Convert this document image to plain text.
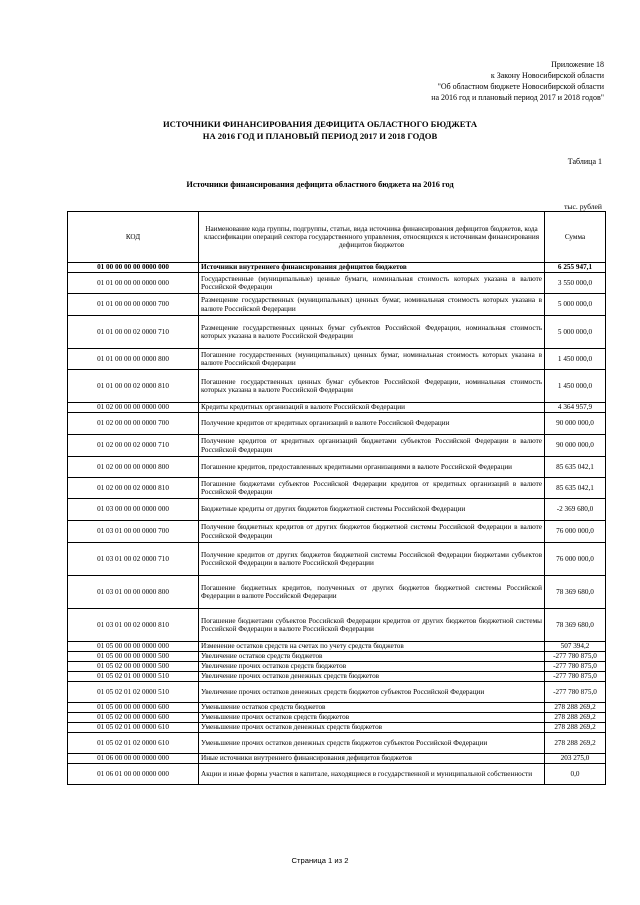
Приложение 18
к Закону Новосибирской области
"Об областном бюджете Новосибирской области
на 2016 год и плановый период 2017 и 2018 годов"
ИСТОЧНИКИ ФИНАНСИРОВАНИЯ ДЕФИЦИТА ОБЛАСТНОГО БЮДЖЕТА
НА 2016 ГОД И ПЛАНОВЫЙ ПЕРИОД 2017 И 2018 ГОДОВ
Таблица 1
Источники финансирования дефицита областного бюджета на 2016 год
тыс. рублей
КОД	Наименование кода группы, подгруппы, статьи, вида источника финансирования дефицитов бюджетов, кода классификации операций сектора государственного управления, относящихся к источникам финансирования дефицитов бюджетов	Сумма
01 00 00 00 00 0000 000	Источники внутреннего финансирования дефицитов бюджетов	6 255 947,1
01 01 00 00 00 0000 000	Государственные (муниципальные) ценные бумаги, номинальная стоимость которых указана в валюте Российской Федерации	3 550 000,0
01 01 00 00 00 0000 700	Размещение государственных (муниципальных) ценных бумаг, номинальная стоимость которых указана в валюте Российской Федерации	5 000 000,0
01 01 00 00 02 0000 710	Размещение государственных ценных бумаг субъектов Российской Федерации, номинальная стоимость которых указана в валюте Российской Федерации	5 000 000,0
01 01 00 00 00 0000 800	Погашение государственных (муниципальных) ценных бумаг, номинальная стоимость которых указана в валюте Российской Федерации	1 450 000,0
01 01 00 00 02 0000 810	Погашение государственных ценных бумаг субъектов Российской Федерации, номинальная стоимость которых указана в валюте Российской Федерации	1 450 000,0
01 02 00 00 00 0000 000	Кредиты кредитных организаций в валюте Российской Федерации	4 364 957,9
01 02 00 00 00 0000 700	Получение кредитов от кредитных организаций в валюте Российской Федерации	90 000 000,0
01 02 00 00 02 0000 710	Получение кредитов от кредитных организаций бюджетами субъектов Российской Федерации в валюте Российской Федерации	90 000 000,0
01 02 00 00 00 0000 800	Погашение кредитов, предоставленных кредитными организациями в валюте Российской Федерации	85 635 042,1
01 02 00 00 02 0000 810	Погашение бюджетами субъектов Российской Федерации кредитов от кредитных организаций в валюте Российской Федерации	85 635 042,1
01 03 00 00 00 0000 000	Бюджетные кредиты от других бюджетов бюджетной системы Российской Федерации	-2 369 680,0
01 03 01 00 00 0000 700	Получение бюджетных кредитов от других бюджетов бюджетной системы Российской Федерации в валюте Российской Федерации	76 000 000,0
01 03 01 00 02 0000 710	Получение кредитов от других бюджетов бюджетной системы Российской Федерации бюджетами субъектов Российской Федерации в валюте Российской Федерации	76 000 000,0
01 03 01 00 00 0000 800	Погашение бюджетных кредитов, полученных от других бюджетов бюджетной системы Российской Федерации в валюте Российской Федерации	78 369 680,0
01 03 01 00 02 0000 810	Погашение бюджетами субъектов Российской Федерации кредитов от других бюджетов бюджетной системы Российской Федерации в валюте Российской Федерации	78 369 680,0
01 05 00 00 00 0000 000	Изменение остатков средств на счетах по учету средств бюджетов	507 394,2
01 05 00 00 00 0000 500	Увеличение остатков средств бюджетов	-277 780 875,0
01 05 02 00 00 0000 500	Увеличение прочих остатков средств бюджетов	-277 780 875,0
01 05 02 01 00 0000 510	Увеличение прочих остатков денежных средств бюджетов	-277 780 875,0
01 05 02 01 02 0000 510	Увеличение прочих остатков денежных средств бюджетов субъектов Российской Федерации	-277 780 875,0
01 05 00 00 00 0000 600	Уменьшение остатков средств бюджетов	278 288 269,2
01 05 02 00 00 0000 600	Уменьшение прочих остатков средств бюджетов	278 288 269,2
01 05 02 01 00 0000 610	Уменьшение прочих остатков денежных средств бюджетов	278 288 269,2
01 05 02 01 02 0000 610	Уменьшение прочих остатков денежных средств бюджетов субъектов Российской Федерации	278 288 269,2
01 06 00 00 00 0000 000	Иные источники внутреннего финансирования дефицитов бюджетов	203 275,0
01 06 01 00 00 0000 000	Акции и иные формы участия в капитале, находящиеся в государственной и муниципальной собственности	0,0
Страница 1 из 2
